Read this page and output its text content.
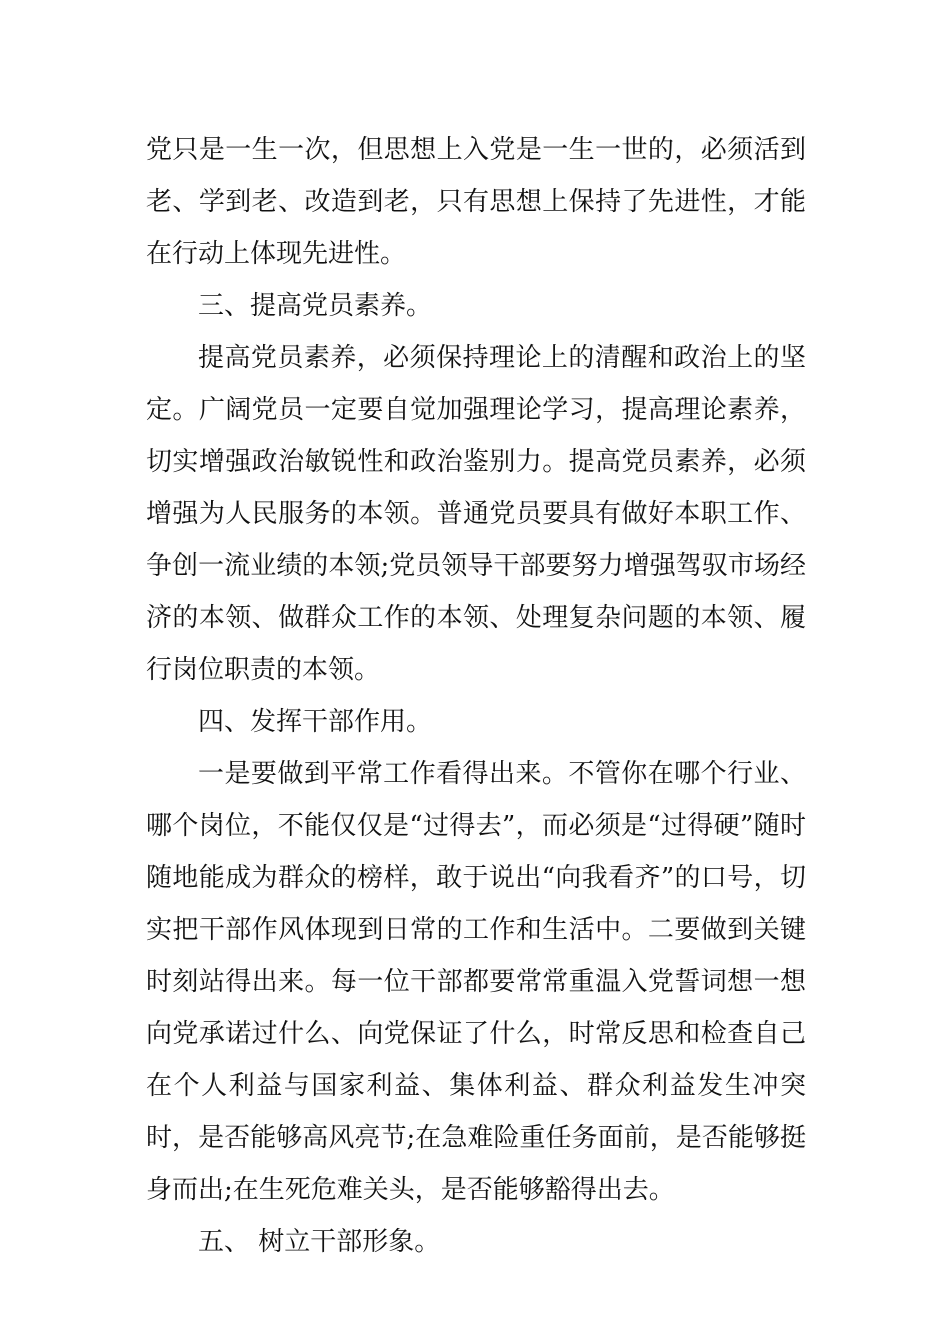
党只是一生一次，但思想上入党是一生一世的，必须活到老、学到老、改造到老，只有思想上保持了先进性，才能在行动上体现先进性。

三、提高党员素养。

提高党员素养，必须保持理论上的清醒和政治上的坚定。广阔党员一定要自觉加强理论学习，提高理论素养，切实增强政治敏锐性和政治鉴别力。提高党员素养，必须增强为人民服务的本领。普通党员要具有做好本职工作、争创一流业绩的本领;党员领导干部要努力增强驾驭市场经济的本领、做群众工作的本领、处理复杂问题的本领、履行岗位职责的本领。

四、发挥干部作用。

一是要做到平常工作看得出来。不管你在哪个行业、哪个岗位，不能仅仅是“过得去”，而必须是“过得硬”随时随地能成为群众的榜样，敢于说出“向我看齐”的口号，切实把干部作风体现到日常的工作和生活中。二要做到关键时刻站得出来。每一位干部都要常常重温入党誓词想一想向党承诺过什么、向党保证了什么，时常反思和检查自己在个人利益与国家利益、集体利益、群众利益发生冲突时，是否能够高风亮节;在急难险重任务面前，是否能够挺身而出;在生死危难关头，是否能够豁得出去。

五、 树立干部形象。
